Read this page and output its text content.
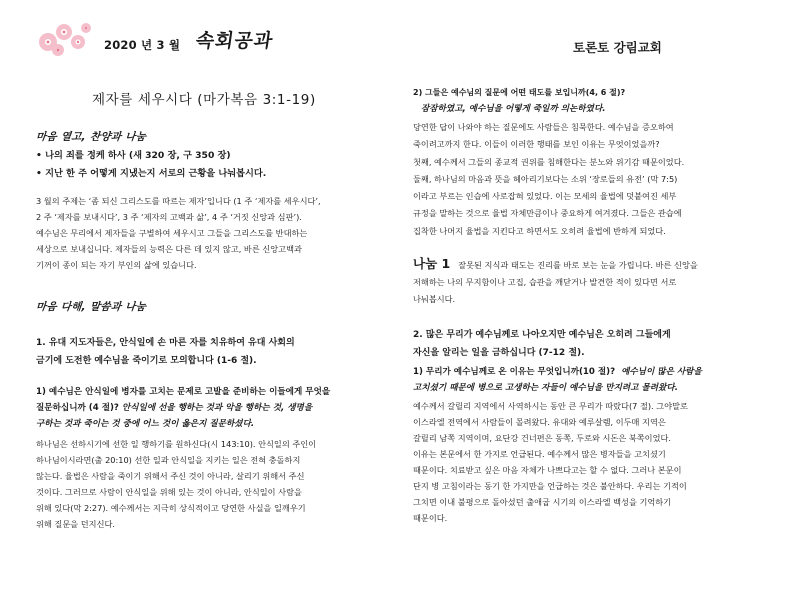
2020 년 3 월 속회공과	토론토 강림교회
제자를 세우시다 (마가복음 3:1-19)
마음 열고, 찬양과 나눔
• 나의 죄를 정케 하사 (새 320 장, 구 350 장)
• 지난 한 주 어떻게 지냈는지 서로의 근황을 나눠봅시다.
3 월의 주제는 ‘좀 되신 그리스도를 따르는 제자’입니다 (1 주 ‘제자를 세우시다’,
2 주 ‘제자를 보내시다’, 3 주 ‘제자의 고백과 삶’, 4 주 ‘거짓 신앙과 심판’).
예수님은 무리에서 제자들을 구별하여 세우시고 그들을 그리스도를 반대하는
세상으로 보내십니다. 제자들의 능력은 다른 데 있지 않고, 바른 신앙고백과
기꺼이 종이 되는 자기 부인의 삶에 있습니다.
마음 다해, 말씀과 나눔
1. 유대 지도자들은, 안식일에 손 마른 자를 치유하여 유대 사회의
금기에 도전한 예수님을 죽이기로 모의합니다 (1-6 절).
1) 예수님은 안식일에 병자를 고치는 문제로 고발을 준비하는 이들에게 무엇을
질문하십니까 (4 절)? 안식일에 선을 행하는 것과 악을 행하는 것, 생명을
구하는 것과 죽이는 것 중에 어느 것이 옳은지 질문하셨다.
하나님은 선하시기에 선한 일 행하기를 원하신다(시 143:10). 안식일의 주인이
하나님이시라면(출 20:10) 선한 일과 안식일을 지키는 일은 전혀 충돌하지
않는다. 율법은 사람을 죽이기 위해서 주신 것이 아니라, 살리기 위해서 주신
것이다. 그러므로 사람이 안식일을 위해 있는 것이 아니라, 안식일이 사람을
위해 있다(막 2:27). 예수께서는 지극히 상식적이고 당연한 사실을 일깨우기
위해 질문을 던지신다.
2) 그들은 예수님의 질문에 어떤 태도를 보입니까(4, 6 절)?
잠잠하였고, 예수님을 어떻게 죽일까 의논하였다.
당연한 답이 나와야 하는 질문에도 사람들은 침묵한다. 예수님을 증오하여
죽이려고까지 한다. 이들이 이러한 행태를 보인 이유는 무엇이었을까?
첫째, 예수께서 그들의 종교적 권위를 침해한다는 분노와 위기감 때문이었다.
둘째, 하나님의 마음과 뜻을 헤아리기보다는 소위 ‘장로들의 유전’ (막 7:5)
이라고 부르는 인습에 사로잡혀 있었다. 이는 모세의 율법에 덧붙여진 세부
규정을 말하는 것으로 율법 자체만큼이나 중요하게 여겨졌다. 그들은 관습에
집착한 나머지 율법을 지킨다고 하면서도 오히려 율법에 반하게 되었다.
나눔 1 잘못된 지식과 태도는 진리를 바로 보는 눈을 가립니다. 바른 신앙을
저해하는 나의 무지함이나 고집, 습관을 깨닫거나 발견한 적이 있다면 서로
나눠봅시다.
2. 많은 무리가 예수님께로 나아오지만 예수님은 오히려 그들에게
자신을 알리는 일을 금하십니다 (7-12 절).
1) 무리가 예수님께로 온 이유는 무엇입니까(10 절)? 예수님이 많은 사람을
고치셨기 때문에 병으로 고생하는 자들이 예수님을 만지려고 몰려왔다.
예수께서 갈릴리 지역에서 사역하시는 동안 큰 무리가 따랐다(7 절). 그야말로
이스라엘 전역에서 사람들이 몰려왔다. 유대와 예루살렘, 이두매 지역은
갈릴리 남쪽 지역이며, 요단강 건너편은 동쪽, 두로와 시돈은 북쪽이었다.
이유는 본문에서 한 가지로 언급된다. 예수께서 많은 병자들을 고치셨기
때문이다. 치료받고 싶은 마음 자체가 나쁘다고는 할 수 없다. 그러나 본문이
단지 병 고침이라는 동기 한 가지만을 언급하는 것은 불안하다. 우리는 기적이
그치면 이내 불평으로 돌아섰던 출애굽 시기의 이스라엘 백성을 기억하기
때문이다.
